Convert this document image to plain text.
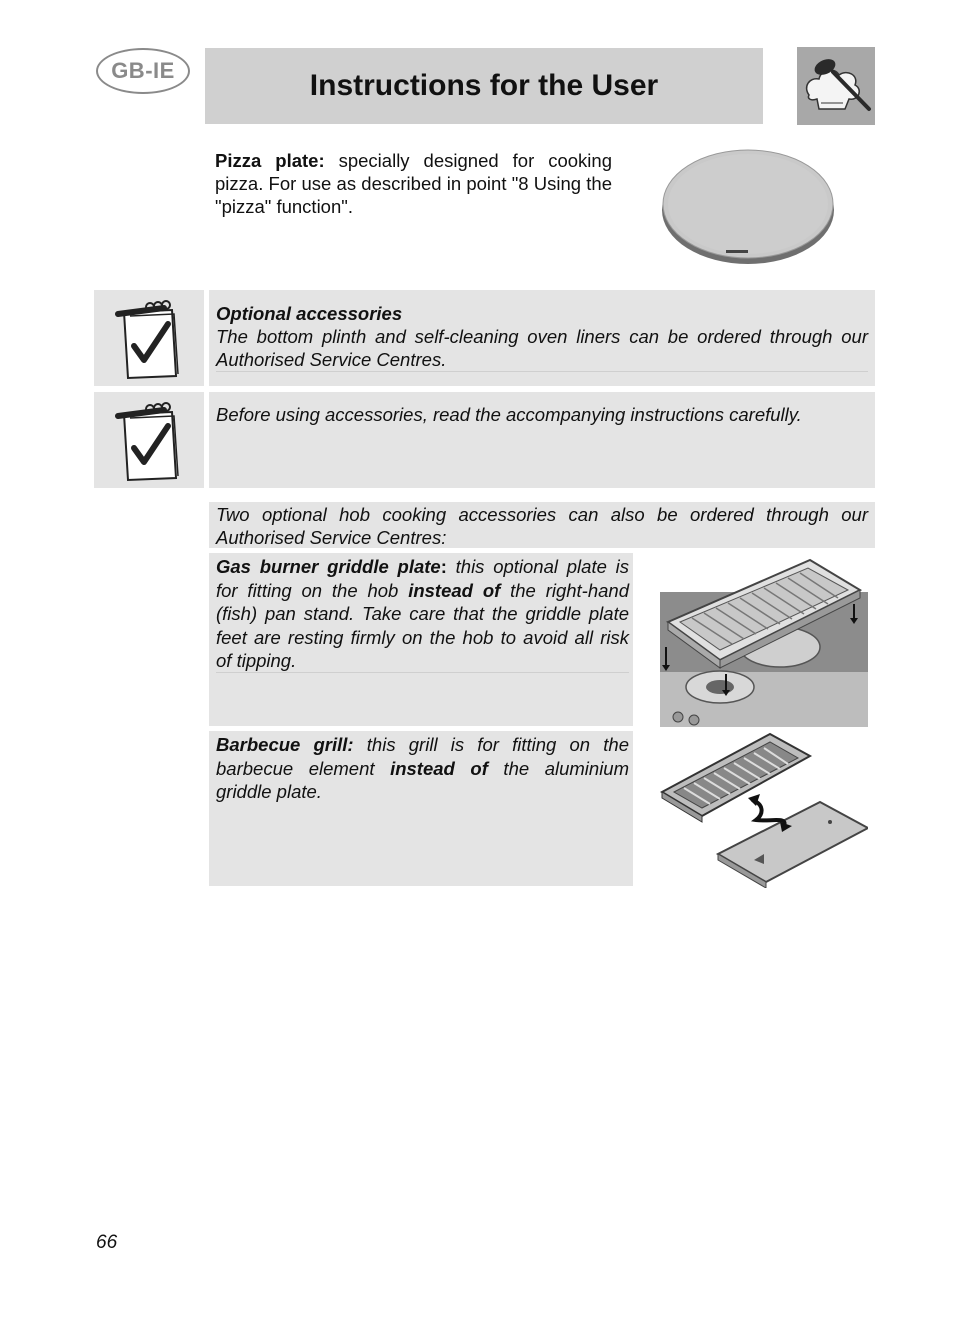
GB-IE	Instructions for the User
Pizza plate: specially designed for cooking pizza. For use as described in point "8 Using the "pizza" function".
Optional accessories
The bottom plinth and self-cleaning oven liners can be ordered through our Authorised Service Centres.
Before using accessories, read the accompanying instructions carefully.
Two optional hob cooking accessories can also be ordered through our Authorised Service Centres:
Gas burner griddle plate: this optional plate is for fitting on the hob instead of the right-hand (fish) pan stand. Take care that the griddle plate feet are resting firmly on the hob to avoid all risk of tipping.
Barbecue grill: this grill is for fitting on the barbecue element instead of the aluminium griddle plate.
66
